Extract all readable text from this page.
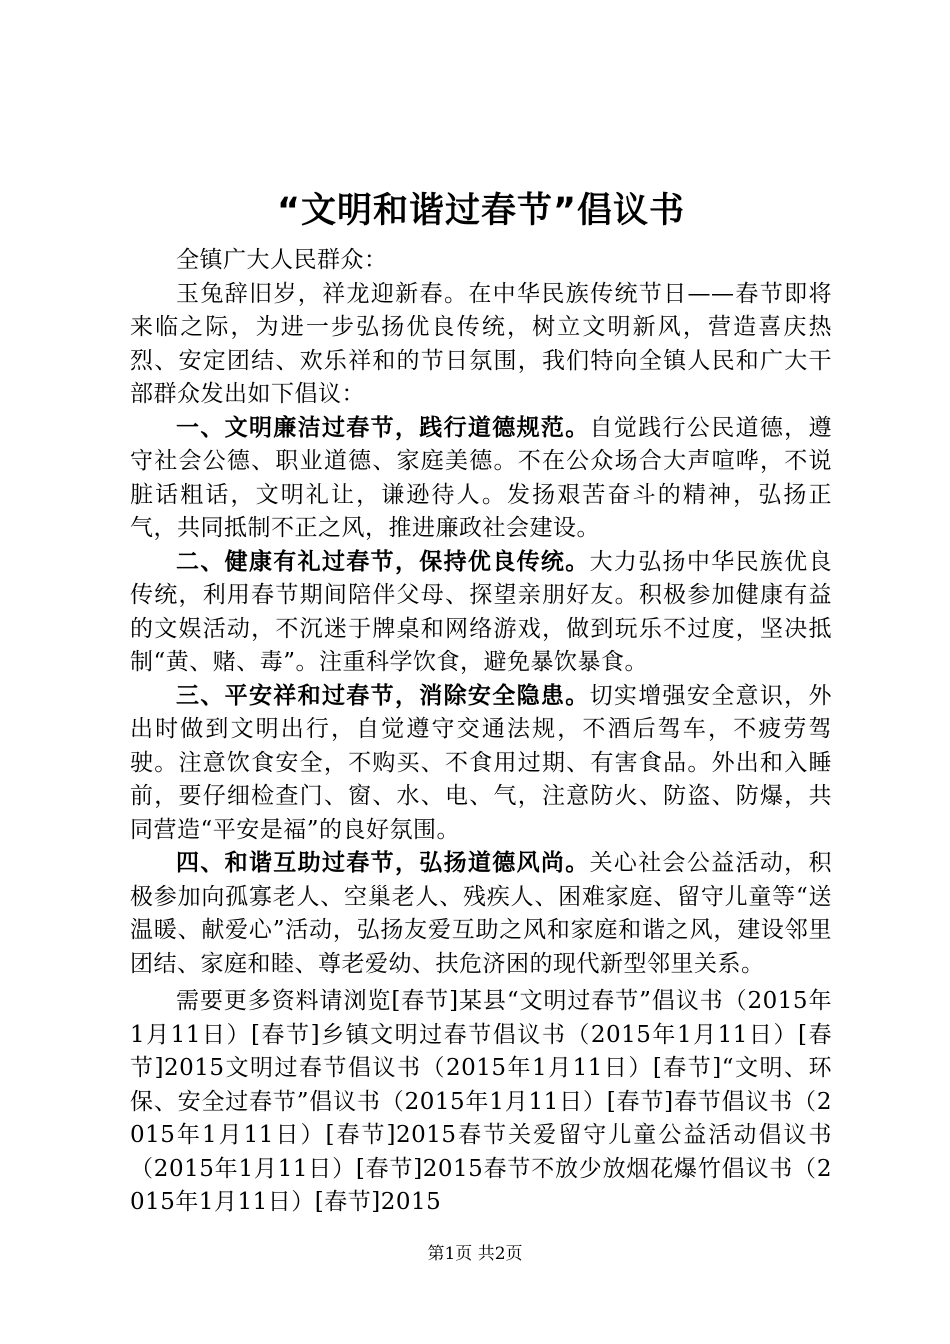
“文明和谐过春节”倡议书

全镇广大人民群众：

玉兔辞旧岁，祥龙迎新春。在中华民族传统节日——春节即将来临之际，为进一步弘扬优良传统，树立文明新风，营造喜庆热烈、安定团结、欢乐祥和的节日氛围，我们特向全镇人民和广大干部群众发出如下倡议：

一、文明廉洁过春节，践行道德规范。自觉践行公民道德，遵守社会公德、职业道德、家庭美德。不在公众场合大声喧哗，不说脏话粗话，文明礼让，谦逊待人。发扬艰苦奋斗的精神，弘扬正气，共同抵制不正之风，推进廉政社会建设。

二、健康有礼过春节，保持优良传统。大力弘扬中华民族优良传统，利用春节期间陪伴父母、探望亲朋好友。积极参加健康有益的文娱活动，不沉迷于牌桌和网络游戏，做到玩乐不过度，坚决抵制“黄、赌、毒”。注重科学饮食，避免暴饮暴食。

三、平安祥和过春节，消除安全隐患。切实增强安全意识，外出时做到文明出行，自觉遵守交通法规，不酒后驾车，不疲劳驾驶。注意饮食安全，不购买、不食用过期、有害食品。外出和入睡前，要仔细检查门、窗、水、电、气，注意防火、防盗、防爆，共同营造“平安是福”的良好氛围。

四、和谐互助过春节，弘扬道德风尚。关心社会公益活动，积极参加向孤寡老人、空巢老人、残疾人、困难家庭、留守儿童等“送温暖、献爱心”活动，弘扬友爱互助之风和家庭和谐之风，建设邻里团结、家庭和睦、尊老爱幼、扶危济困的现代新型邻里关系。

需要更多资料请浏览[春节]某县“文明过春节”倡议书（2015年1月11日）[春节]乡镇文明过春节倡议书（2015年1月11日）[春节]2015文明过春节倡议书（2015年1月11日）[春节]“文明、环保、安全过春节”倡议书（2015年1月11日）[春节]春节倡议书（2015年1月11日）[春节]2015春节关爱留守儿童公益活动倡议书（2015年1月11日）[春节]2015春节不放少放烟花爆竹倡议书（2015年1月11日）[春节]2015

第1页 共2页
